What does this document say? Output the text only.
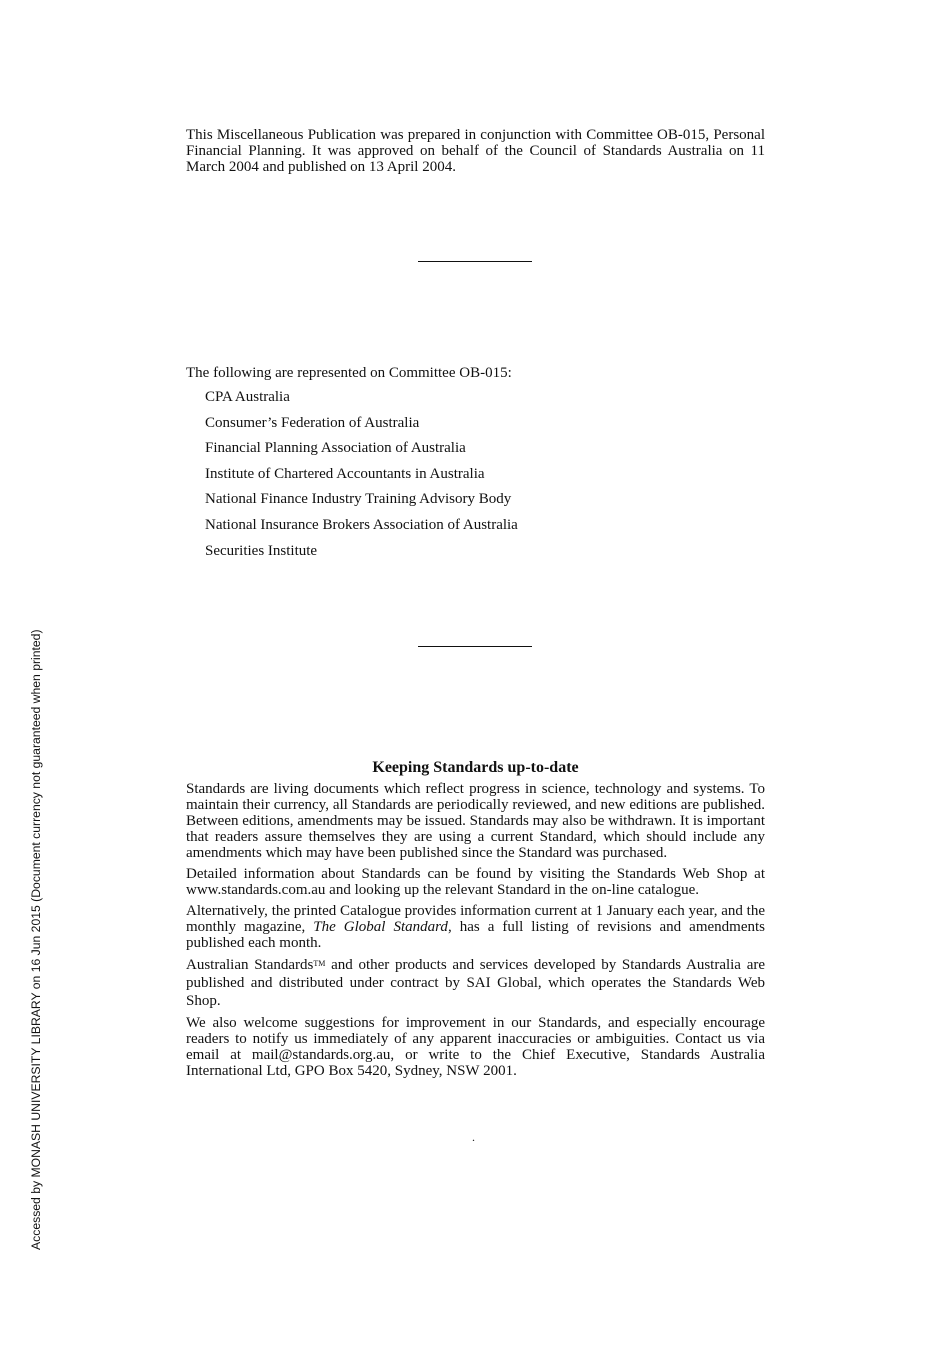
This Miscellaneous Publication was prepared in conjunction with Committee OB-015, Personal Financial Planning. It was approved on behalf of the Council of Standards Australia on 11 March 2004 and published on 13 April 2004.

The following are represented on Committee OB-015:

CPA Australia
Consumer’s Federation of Australia
Financial Planning Association of Australia
Institute of Chartered Accountants in Australia
National Finance Industry Training Advisory Body
National Insurance Brokers Association of Australia
Securities Institute
Keeping Standards up-to-date

Standards are living documents which reflect progress in science, technology and systems. To maintain their currency, all Standards are periodically reviewed, and new editions are published. Between editions, amendments may be issued. Standards may also be withdrawn. It is important that readers assure themselves they are using a current Standard, which should include any amendments which may have been published since the Standard was purchased.

Detailed information about Standards can be found by visiting the Standards Web Shop at www.standards.com.au and looking up the relevant Standard in the on-line catalogue.

Alternatively, the printed Catalogue provides information current at 1 January each year, and the monthly magazine, The Global Standard, has a full listing of revisions and amendments published each month.

Australian Standards™ and other products and services developed by Standards Australia are published and distributed under contract by SAI Global, which operates the Standards Web Shop.

We also welcome suggestions for improvement in our Standards, and especially encourage readers to notify us immediately of any apparent inaccuracies or ambiguities. Contact us via email at mail@standards.org.au, or write to the Chief Executive, Standards Australia International Ltd, GPO Box 5420, Sydney, NSW 2001.

.
Accessed by MONASH UNIVERSITY LIBRARY on 16 Jun 2015 (Document currency not guaranteed when printed)
